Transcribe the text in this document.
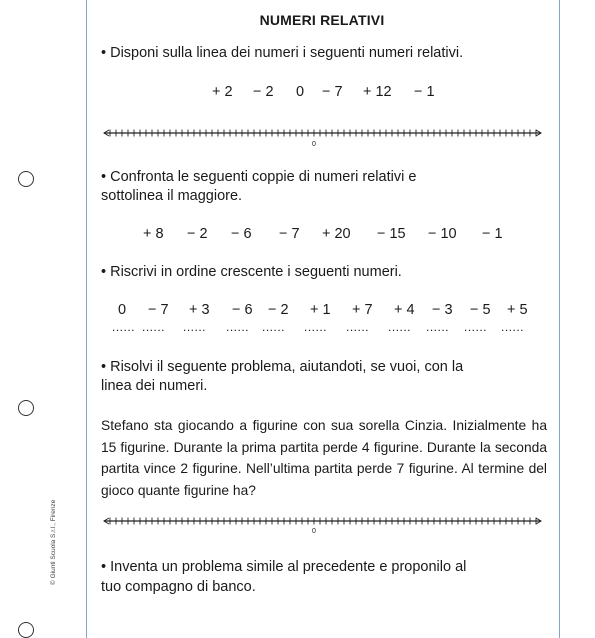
© Giunti Scuola S.r.l., Firenze
NUMERI RELATIVI
• Disponi sulla linea dei numeri i seguenti numeri relativi.
+ 2 − 2 0 − 7 + 12 − 1
0
• Confronta le seguenti coppie di numeri relativi e
sottolinea il maggiore.
+ 8 − 2 − 6 − 7 + 20 − 15 − 10 − 1
• Riscrivi in ordine crescente i seguenti numeri.
0
......
− 7
......
+ 3
......
− 6
......
− 2
......
+ 1
......
+ 7
......
+ 4
......
− 3
......
− 5
......
+ 5
......
• Risolvi il seguente problema, aiutandoti, se vuoi, con la
linea dei numeri.
Stefano sta giocando a figurine con sua sorella Cinzia. Inizialmente ha 15 figurine. Durante la prima partita perde 4 figurine. Durante la seconda partita vince 2 figurine. Nell’ultima partita perde 7 figurine. Al termine del gioco quante figurine ha?
0
• Inventa un problema simile al precedente e proponilo al
tuo compagno di banco.
